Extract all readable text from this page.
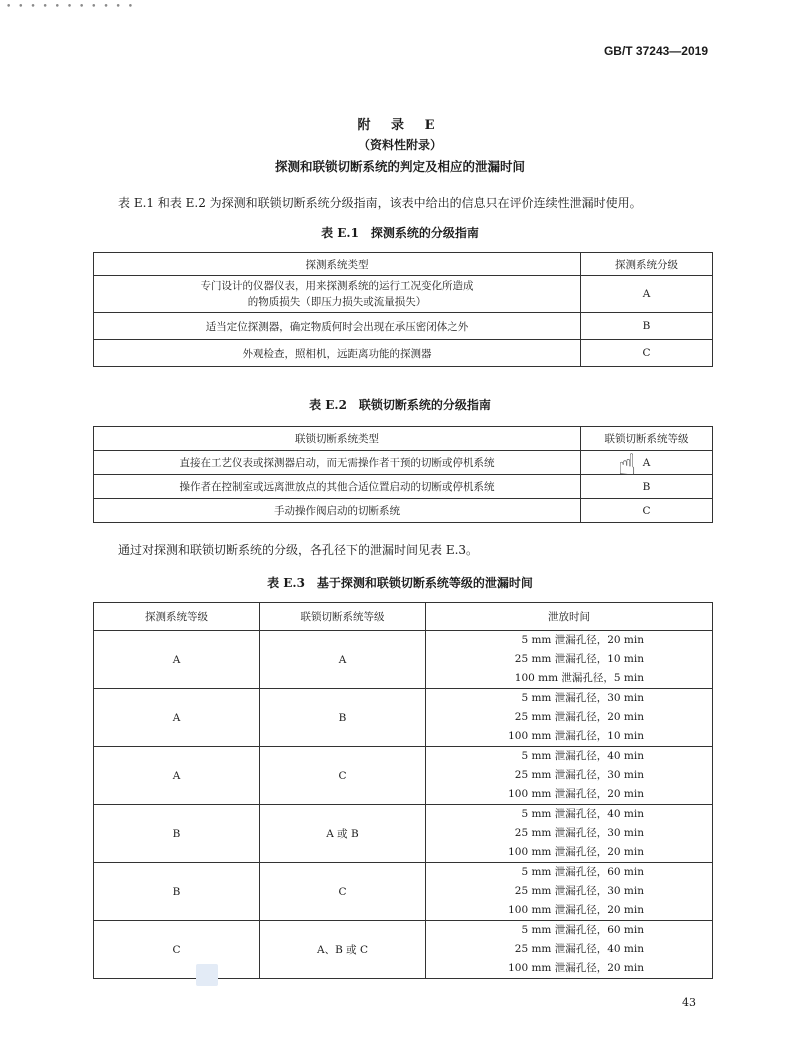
• • • • • • • • • • •
GB/T 37243—2019
附 录 E
（资料性附录）
探测和联锁切断系统的判定及相应的泄漏时间
表 E.1 和表 E.2 为探测和联锁切断系统分级指南，该表中给出的信息只在评价连续性泄漏时使用。
表 E.1　探测系统的分级指南
探测系统类型	探测系统分级
专门设计的仪器仪表，用来探测系统的运行工况变化所造成
的物质损失（即压力损失或流量损失）	A
适当定位探测器，确定物质何时会出现在承压密闭体之外	B
外观检查，照相机，远距离功能的探测器	C
表 E.2　联锁切断系统的分级指南
联锁切断系统类型	联锁切断系统等级
直接在工艺仪表或探测器启动，而无需操作者干预的切断或停机系统	A
操作者在控制室或远离泄放点的其他合适位置启动的切断或停机系统	B
手动操作阀启动的切断系统	C
☝
通过对探测和联锁切断系统的分级，各孔径下的泄漏时间见表 E.3。
表 E.3　基于探测和联锁切断系统等级的泄漏时间
探测系统等级	联锁切断系统等级	泄放时间
A	A	5 mm 泄漏孔径，20 min
25 mm 泄漏孔径，10 min
100 mm 泄漏孔径，5 min

A	B	5 mm 泄漏孔径，30 min
25 mm 泄漏孔径，20 min
100 mm 泄漏孔径，10 min

A	C	5 mm 泄漏孔径，40 min
25 mm 泄漏孔径，30 min
100 mm 泄漏孔径，20 min

B	A 或 B	5 mm 泄漏孔径，40 min
25 mm 泄漏孔径，30 min
100 mm 泄漏孔径，20 min

B	C	5 mm 泄漏孔径，60 min
25 mm 泄漏孔径，30 min
100 mm 泄漏孔径，20 min

C	A、B 或 C	5 mm 泄漏孔径，60 min
25 mm 泄漏孔径，40 min
100 mm 泄漏孔径，20 min
43
